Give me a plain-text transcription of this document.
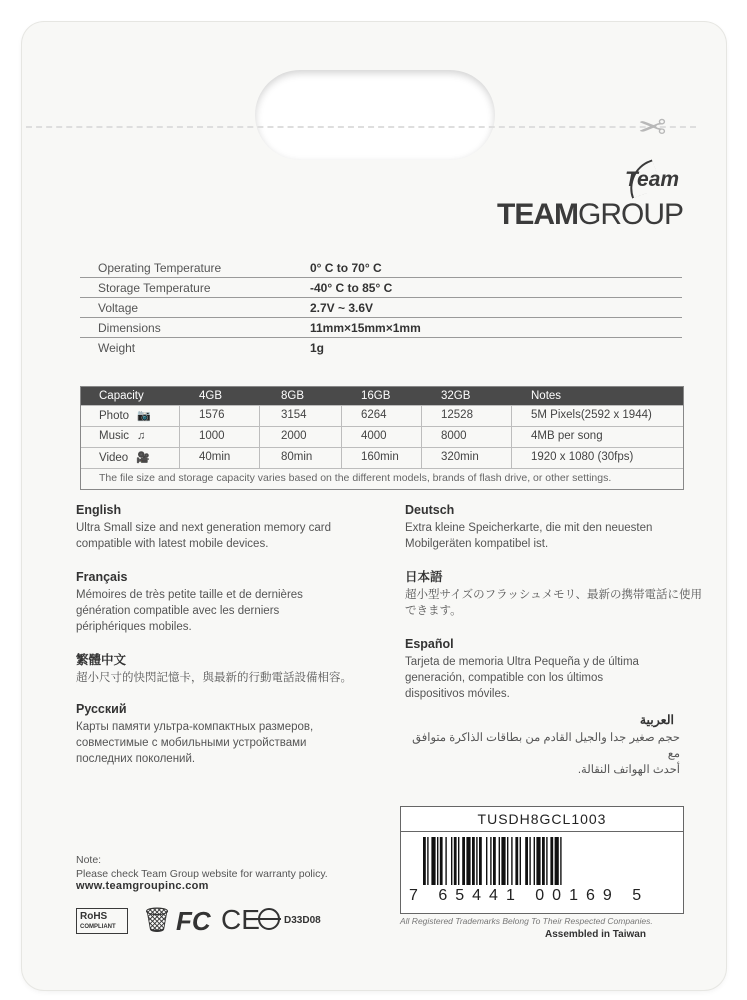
✂
Team
TEAMGROUP
Operating Temperature	0° C to 70° C
Storage Temperature	-40° C to 85° C
Voltage	2.7V ~ 3.6V
Dimensions	11mm×15mm×1mm
Weight	1g
Capacity	4GB	8GB	16GB	32GB	Notes
Photo 📷	1576	3154	6264	12528	5M Pixels(2592 x 1944)
Music ♫	1000	2000	4000	8000	4MB per song
Video 🎥	40min	80min	160min	320min	1920 x 1080 (30fps)
The file size and storage capacity varies based on the different models, brands of flash drive, or other settings.
English

Ultra Small size and next generation memory card
compatible with latest mobile devices.

Français

Mémoires de très petite taille et de dernières
génération compatible avec les derniers
périphériques mobiles.

繁體中文

超小尺寸的快閃記憶卡，與最新的行動電話設備相容。

Русский

Карты памяти ультра-компактных размеров,
совместимые с мобильными устройствами
последних поколений.

Deutsch

Extra kleine Speicherkarte, die mit den neuesten
Mobilgeräten kompatibel ist.

日本語

超小型サイズのフラッシュメモリ、最新の携帯電話に使用
できます。

Español

Tarjeta de memoria Ultra Pequeña y de última
generación, compatible con los últimos
dispositivos móviles.

العربية

حجم صغير جدا والجيل القادم من بطاقات الذاكرة متوافق مع
أحدث الهواتف النقالة.

TUSDH8GCL1003
7 65441 00169 5
Note:
Please check Team Group website for warranty policy.
www.teamgroupinc.com
RoHS
COMPLIANT	🗑 FC CE D33D08	All Registered Trademarks Belong To Their Respected Companies.
Assembled in Taiwan
